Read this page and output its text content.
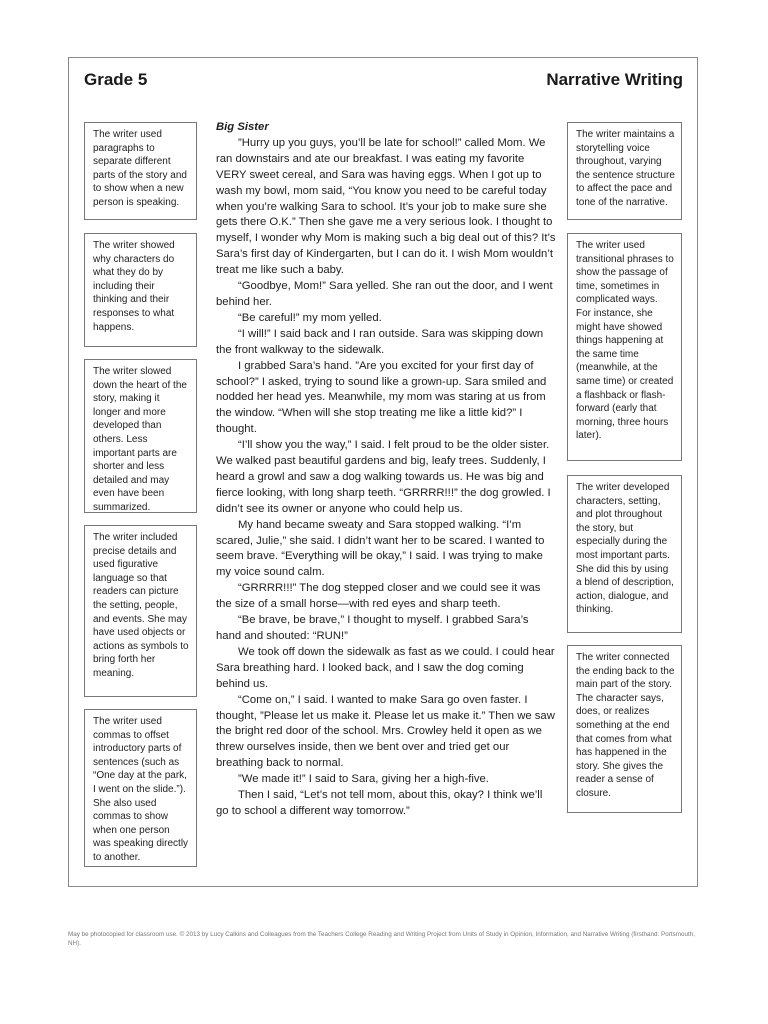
Grade 5	Narrative Writing
The writer used paragraphs to separate different parts of the story and to show when a new person is speaking.
The writer showed why characters do what they do by including their thinking and their responses to what happens.
The writer slowed down the heart of the story, making it longer and more developed than others. Less important parts are shorter and less detailed and may even have been summarized.
The writer included precise details and used figurative language so that readers can picture the setting, people, and events. She may have used objects or actions as symbols to bring forth her meaning.
The writer used commas to offset introductory parts of sentences (such as “One day at the park, I went on the slide.”). She also used commas to show when one person was speaking directly to another.
Big Sister

”Hurry up you guys, you’ll be late for school!” called Mom. We ran downstairs and ate our breakfast. I was eating my favorite VERY sweet cereal, and Sara was having eggs. When I got up to wash my bowl, mom said, “You know you need to be careful today when you’re walking Sara to school. It’s your job to make sure she gets there O.K.” Then she gave me a very serious look. I thought to myself, I wonder why Mom is making such a big deal out of this? It’s Sara’s first day of Kindergarten, but I can do it. I wish Mom wouldn’t treat me like such a baby.

“Goodbye, Mom!” Sara yelled. She ran out the door, and I went behind her.

“Be careful!” my mom yelled.

“I will!” I said back and I ran outside. Sara was skipping down the front walkway to the sidewalk.

I grabbed Sara’s hand. ”Are you excited for your first day of school?” I asked, trying to sound like a grown-up. Sara smiled and nodded her head yes. Meanwhile, my mom was staring at us from the window. “When will she stop treating me like a little kid?” I thought.

“I’ll show you the way,” I said. I felt proud to be the older sister. We walked past beautiful gardens and big, leafy trees. Suddenly, I heard a growl and saw a dog walking towards us. He was big and fierce looking, with long sharp teeth. “GRRRR!!!” the dog growled. I didn’t see its owner or anyone who could help us.

My hand became sweaty and Sara stopped walking. “I’m scared, Julie,” she said. I didn’t want her to be scared. I wanted to seem brave. “Everything will be okay,” I said. I was trying to make my voice sound calm.

“GRRRR!!!” The dog stepped closer and we could see it was the size of a small horse—with red eyes and sharp teeth.

“Be brave, be brave,” I thought to myself. I grabbed Sara’s hand and shouted: “RUN!”

We took off down the sidewalk as fast as we could. I could hear Sara breathing hard. I looked back, and I saw the dog coming behind us.

“Come on,” I said. I wanted to make Sara go oven faster. I thought, ”Please let us make it. Please let us make it.” Then we saw the bright red door of the school. Mrs. Crowley held it open as we threw ourselves inside, then we bent over and tried get our breathing back to normal.

”We made it!” I said to Sara, giving her a high-five.

Then I said, “Let’s not tell mom, about this, okay? I think we’ll go to school a different way tomorrow.”

The writer maintains a storytelling voice throughout, varying the sentence structure to affect the pace and tone of the narrative.
The writer used transitional phrases to show the passage of time, sometimes in complicated ways. For instance, she might have showed things happening at the same time (meanwhile, at the same time) or created a flashback or flash-forward (early that morning, three hours later).
The writer developed characters, setting, and plot throughout the story, but especially during the most important parts. She did this by using a blend of description, action, dialogue, and thinking.
The writer connected the ending back to the main part of the story. The character says, does, or realizes something at the end that comes from what has happened in the story. She gives the reader a sense of closure.
May be photocopied for classroom use. © 2013 by Lucy Calkins and Colleagues from the Teachers College Reading and Writing Project from Units of Study in Opinion, Information, and Narrative Writing (firsthand: Portsmouth, NH).
